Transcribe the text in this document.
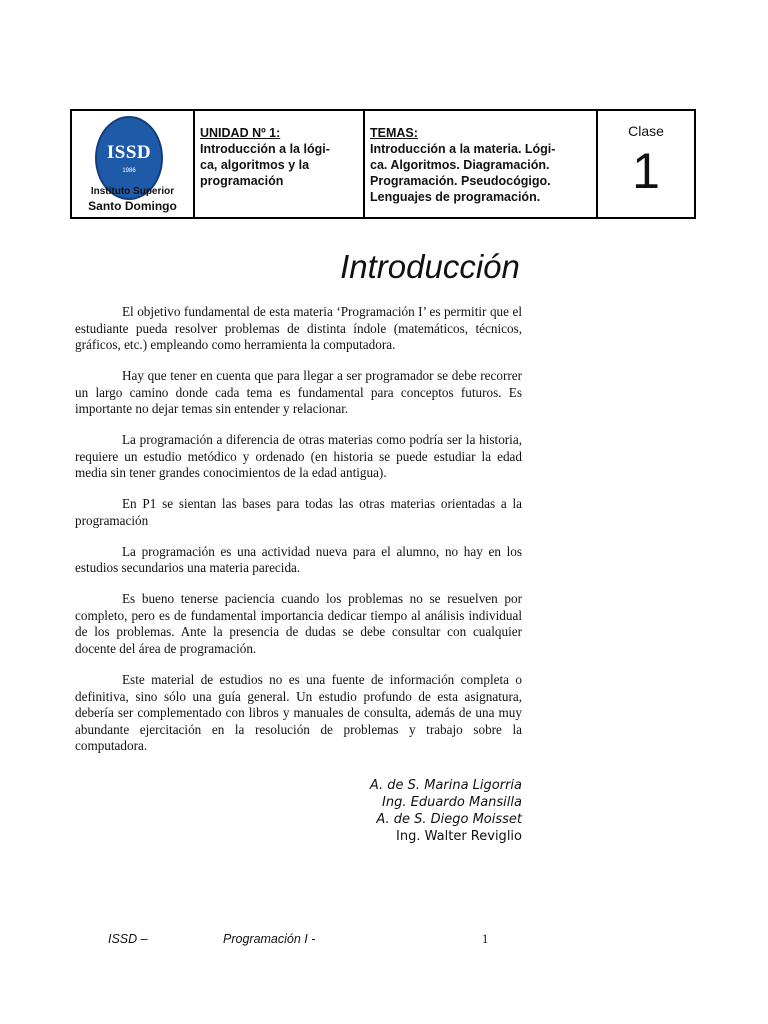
ISSD
1986
Instituto Superior
Santo Domingo
UNIDAD Nº 1:
Introducción a la lógi-
ca, algoritmos y la
programación
TEMAS:
Introducción a la materia. Lógi-
ca. Algoritmos. Diagramación.
Programación. Pseudocógigo.
Lenguajes de programación.
Clase
1
Introducción

El objetivo fundamental de esta materia ‘Programación I’ es permitir que el estudiante pueda resolver problemas de distinta índole (matemáticos, técnicos, gráficos, etc.) empleando como herramienta la computadora.

Hay que tener en cuenta que para llegar a ser programador se debe recorrer un largo camino donde cada tema es fundamental para conceptos futuros. Es importante no dejar temas sin entender y relacionar.

La programación a diferencia de otras materias como podría ser la historia, requiere un estudio metódico y ordenado (en historia se puede estudiar la edad media sin tener grandes conocimientos de la edad antigua).

En P1 se sientan las bases para todas las otras materias orientadas a la programación

La programación es una actividad nueva para el alumno, no hay en los estudios secundarios una materia parecida.

Es bueno tenerse paciencia cuando los problemas no se resuelven por completo, pero es de fundamental importancia dedicar tiempo al análisis individual de los problemas. Ante la presencia de dudas se debe consultar con cualquier docente del área de programación.

Este material de estudios no es una fuente de información completa o definitiva, sino sólo una guía general. Un estudio profundo de esta asignatura, debería ser complementado con libros y manuales de consulta, además de una muy abundante ejercitación en la resolución de problemas y trabajo sobre la computadora.

A. de S. Marina Ligorria
Ing. Eduardo Mansilla
A. de S. Diego Moisset
Ing. Walter Reviglio
ISSD –	Programación I -	1
